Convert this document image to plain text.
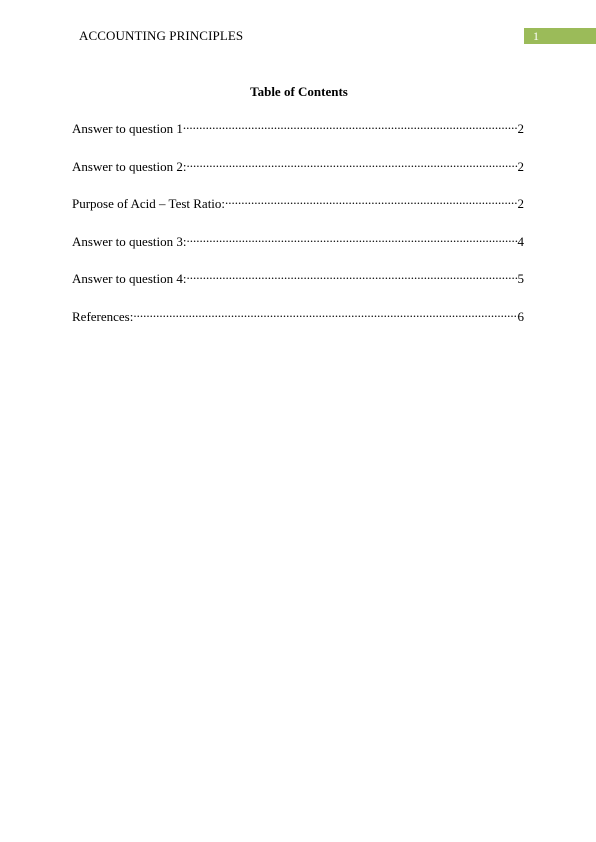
ACCOUNTING PRINCIPLES	1
Table of Contents
Answer to question 1 .....	2
Answer to question 2: .....	2
Purpose of Acid – Test Ratio: .....	2
Answer to question 3: .....	4
Answer to question 4: .....	5
References: .....	6
